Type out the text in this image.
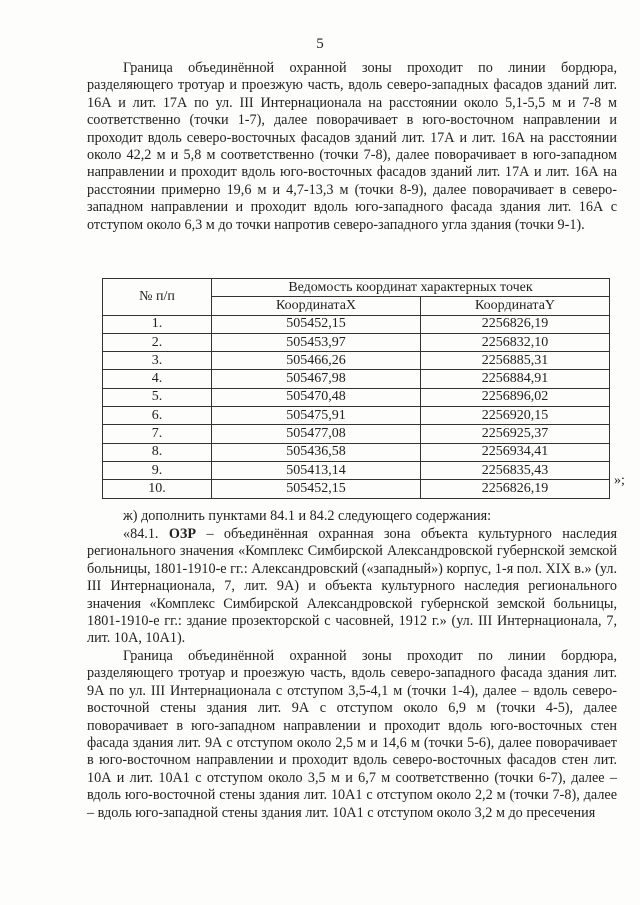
5

Граница объединённой охранной зоны проходит по линии бордюра, разделяющего тротуар и проезжую часть, вдоль северо-западных фасадов зданий лит. 16А и лит. 17А по ул. III Интернационала на расстоянии около 5,1-5,5 м и 7-8 м соответственно (точки 1-7), далее поворачивает в юго-восточном направлении и проходит вдоль северо-восточных фасадов зданий лит. 17А и лит. 16А на расстоянии около 42,2 м и 5,8 м соответственно (точки 7-8), далее поворачивает в юго-западном направлении и проходит вдоль юго-восточных фасадов зданий лит. 17А и лит. 16А на расстоянии примерно 19,6 м и 4,7-13,3 м (точки 8-9), далее поворачивает в северо-западном направлении и проходит вдоль юго-западного фасада здания лит. 16А с отступом около 6,3 м до точки напротив северо-западного угла здания (точки 9-1).

№ п/п	Ведомость координат характерных точек	
	КоординатаX	КоординатаY
1.	505452,15	2256826,19
2.	505453,97	2256832,10
3.	505466,26	2256885,31
4.	505467,98	2256884,91
5.	505470,48	2256896,02
6.	505475,91	2256920,15
7.	505477,08	2256925,37
8.	505436,58	2256934,41
9.	505413,14	2256835,43
10.	505452,15	2256826,19
»;

ж) дополнить пунктами 84.1 и 84.2 следующего содержания:

«84.1. ОЗР – объединённая охранная зона объекта культурного наследия регионального значения «Комплекс Симбирской Александровской губернской земской больницы, 1801-1910-е гг.: Александровский («западный») корпус, 1-я пол. XIX в.» (ул. III Интернационала, 7, лит. 9А) и объекта культурного наследия регионального значения «Комплекс Симбирской Александровской губернской земской больницы, 1801-1910-е гг.: здание прозекторской с часовней, 1912 г.» (ул. III Интернационала, 7, лит. 10А, 10А1).

Граница объединённой охранной зоны проходит по линии бордюра, разделяющего тротуар и проезжую часть, вдоль северо-западного фасада здания лит. 9А по ул. III Интернационала с отступом 3,5-4,1 м (точки 1-4), далее – вдоль северо-восточной стены здания лит. 9А с отступом около 6,9 м (точки 4-5), далее поворачивает в юго-западном направлении и проходит вдоль юго-восточных стен фасада здания лит. 9А с отступом около 2,5 м и 14,6 м (точки 5-6), далее поворачивает в юго-восточном направлении и проходит вдоль северо-восточных фасадов стен лит. 10А и лит. 10А1 с отступом около 3,5 м и 6,7 м соответственно (точки 6-7), далее – вдоль юго-восточной стены здания лит. 10А1 с отступом около 2,2 м (точки 7-8), далее – вдоль юго-западной стены здания лит. 10А1 с отступом около 3,2 м до пресечения
